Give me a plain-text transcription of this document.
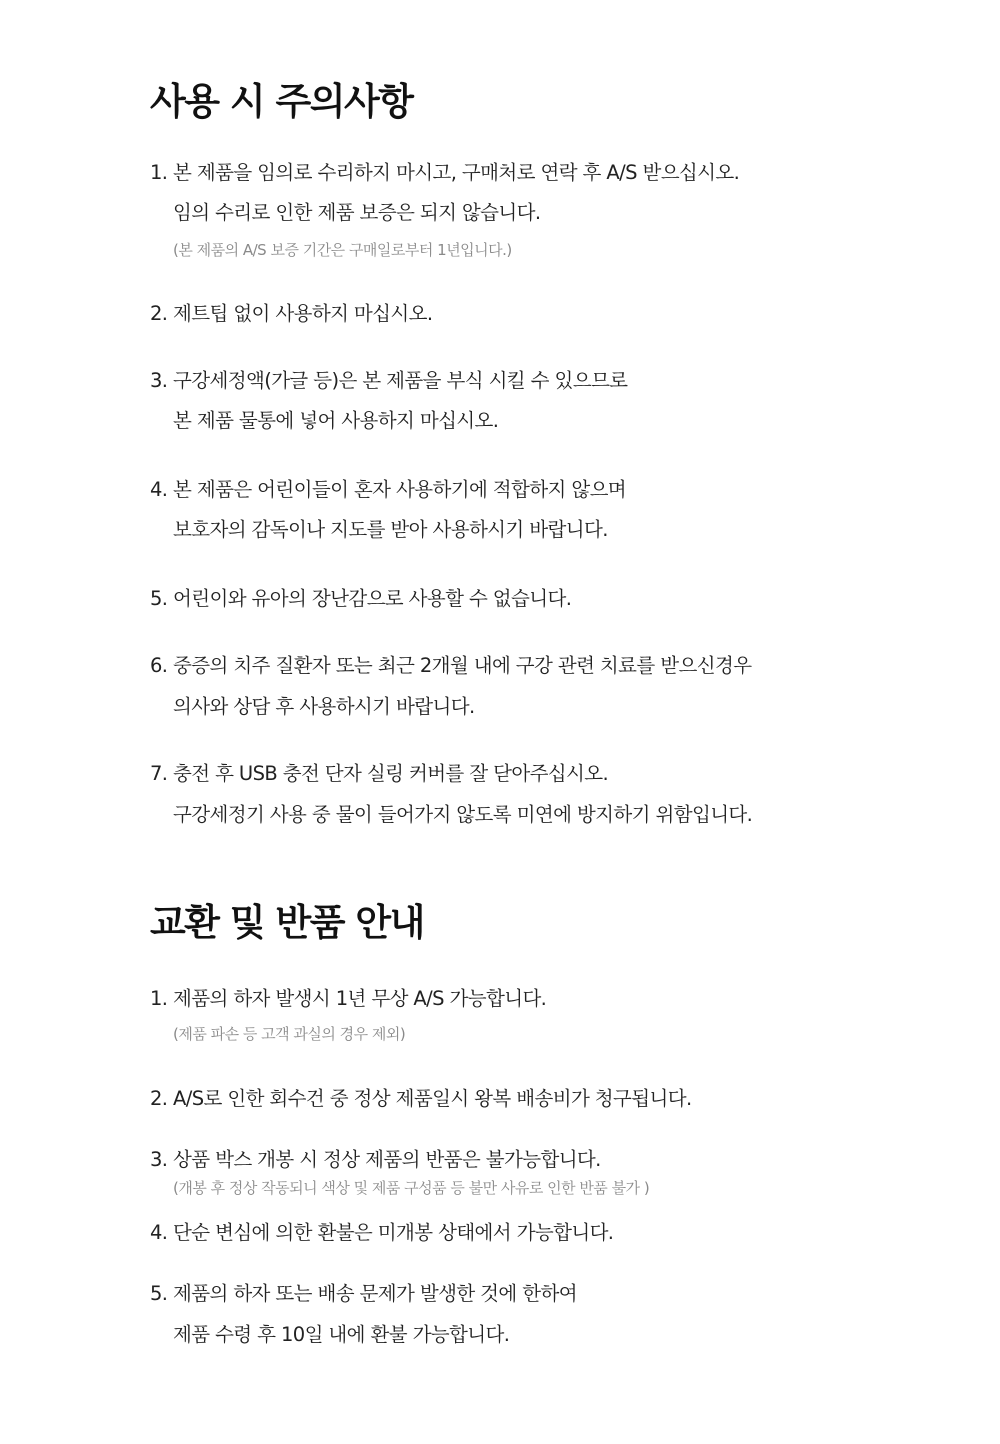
사용 시 주의사항

1. 본 제품을 임의로 수리하지 마시고, 구매처로 연락 후 A/S 받으십시오.

임의 수리로 인한 제품 보증은 되지 않습니다.

(본 제품의 A/S 보증 기간은 구매일로부터 1년입니다.)

2. 제트팁 없이 사용하지 마십시오.

3. 구강세정액(가글 등)은 본 제품을 부식 시킬 수 있으므로

본 제품 물통에 넣어 사용하지 마십시오.

4. 본 제품은 어린이들이 혼자 사용하기에 적합하지 않으며

보호자의 감독이나 지도를 받아 사용하시기 바랍니다.

5. 어린이와 유아의 장난감으로 사용할 수 없습니다.

6. 중증의 치주 질환자 또는 최근 2개월 내에 구강 관련 치료를 받으신경우

의사와 상담 후 사용하시기 바랍니다.

7. 충전 후 USB 충전 단자 실링 커버를 잘 닫아주십시오.

구강세정기 사용 중 물이 들어가지 않도록 미연에 방지하기 위함입니다.

교환 및 반품 안내

1. 제품의 하자 발생시 1년 무상 A/S 가능합니다.

(제품 파손 등 고객 과실의 경우 제외)

2. A/S로 인한 회수건 중 정상 제품일시 왕복 배송비가 청구됩니다.

3. 상품 박스 개봉 시 정상 제품의 반품은 불가능합니다.

(개봉 후 정상 작동되니 색상 및 제품 구성품 등 불만 사유로 인한 반품 불가 )

4. 단순 변심에 의한 환불은 미개봉 상태에서 가능합니다.

5. 제품의 하자 또는 배송 문제가 발생한 것에 한하여

제품 수령 후 10일 내에 환불 가능합니다.
